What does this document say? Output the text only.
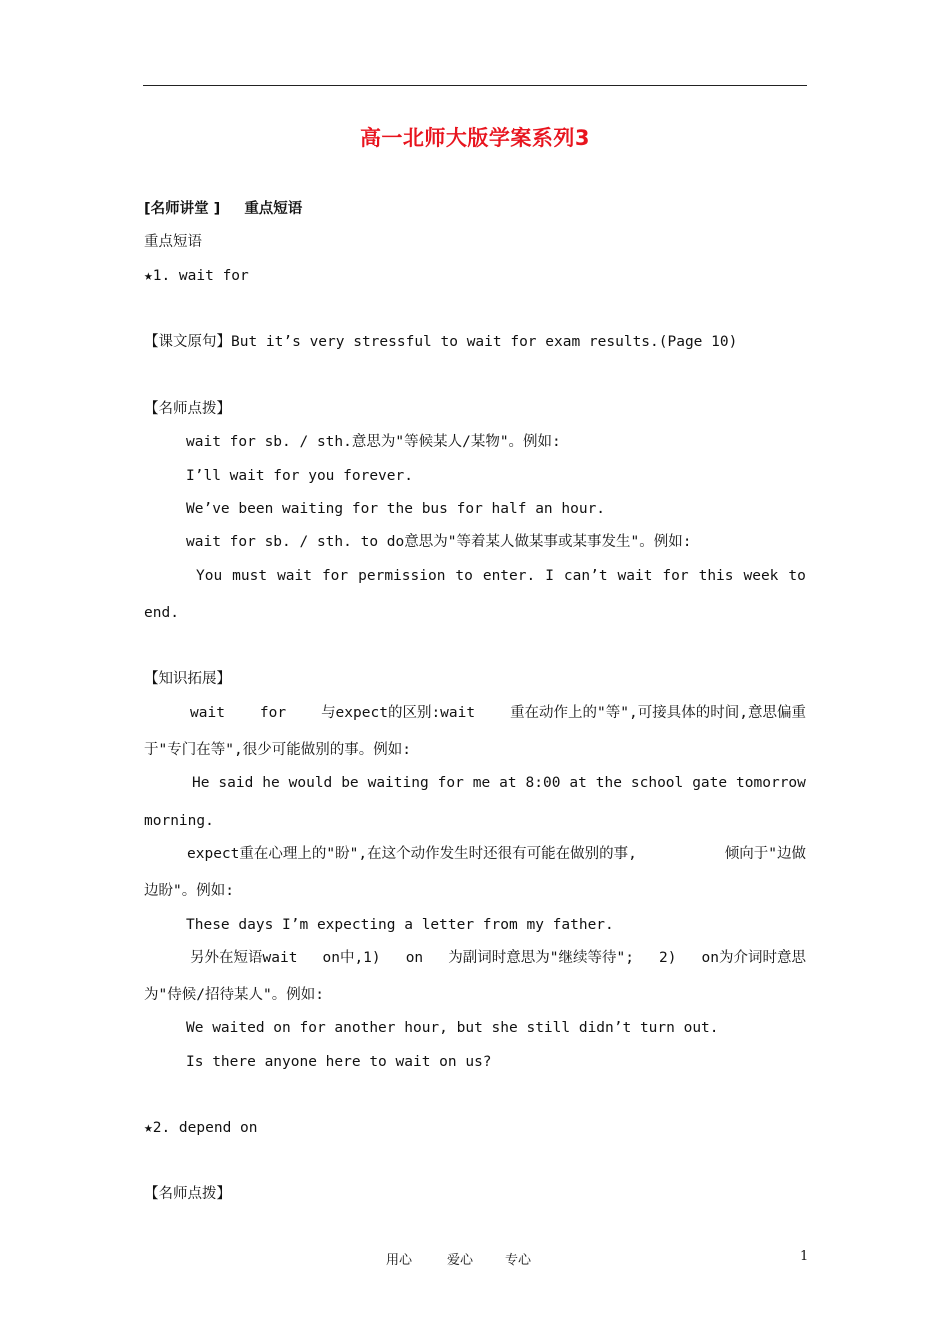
高一北师大版学案系列3
[名师讲堂 ] 重点短语
重点短语
★1. wait for
【课文原句】But it’s very stressful to wait for exam results.(Page 10)
【名师点拨】
wait for sb. / sth.意思为"等候某人/某物"。例如:
I’ll wait for you forever.
We’ve been waiting for the bus for half an hour.
wait for sb. / sth. to do意思为"等着某人做某事或某事发生"。例如:
You must wait for permission to enter. I can’t wait for this week to
end.
【知识拓展】
wait for 与expect的区别:wait 重在动作上的"等",可接具体的时间,意思偏重
于"专门在等",很少可能做别的事。例如:
He said he would be waiting for me at 8:00 at the school gate tomorrow
morning.
expect重在心理上的"盼",在这个动作发生时还很有可能在做别的事,	倾向于"边做
边盼"。例如:
These days I’m expecting a letter from my father.
另外在短语wait on中,1) on 为副词时意思为"继续等待"; 2) on为介词时意思
为"侍候/招待某人"。例如:
We waited on for another hour, but she still didn’t turn out.
Is there anyone here to wait on us?
★2. depend on
【名师点拨】
用心	爱心 专心	1
